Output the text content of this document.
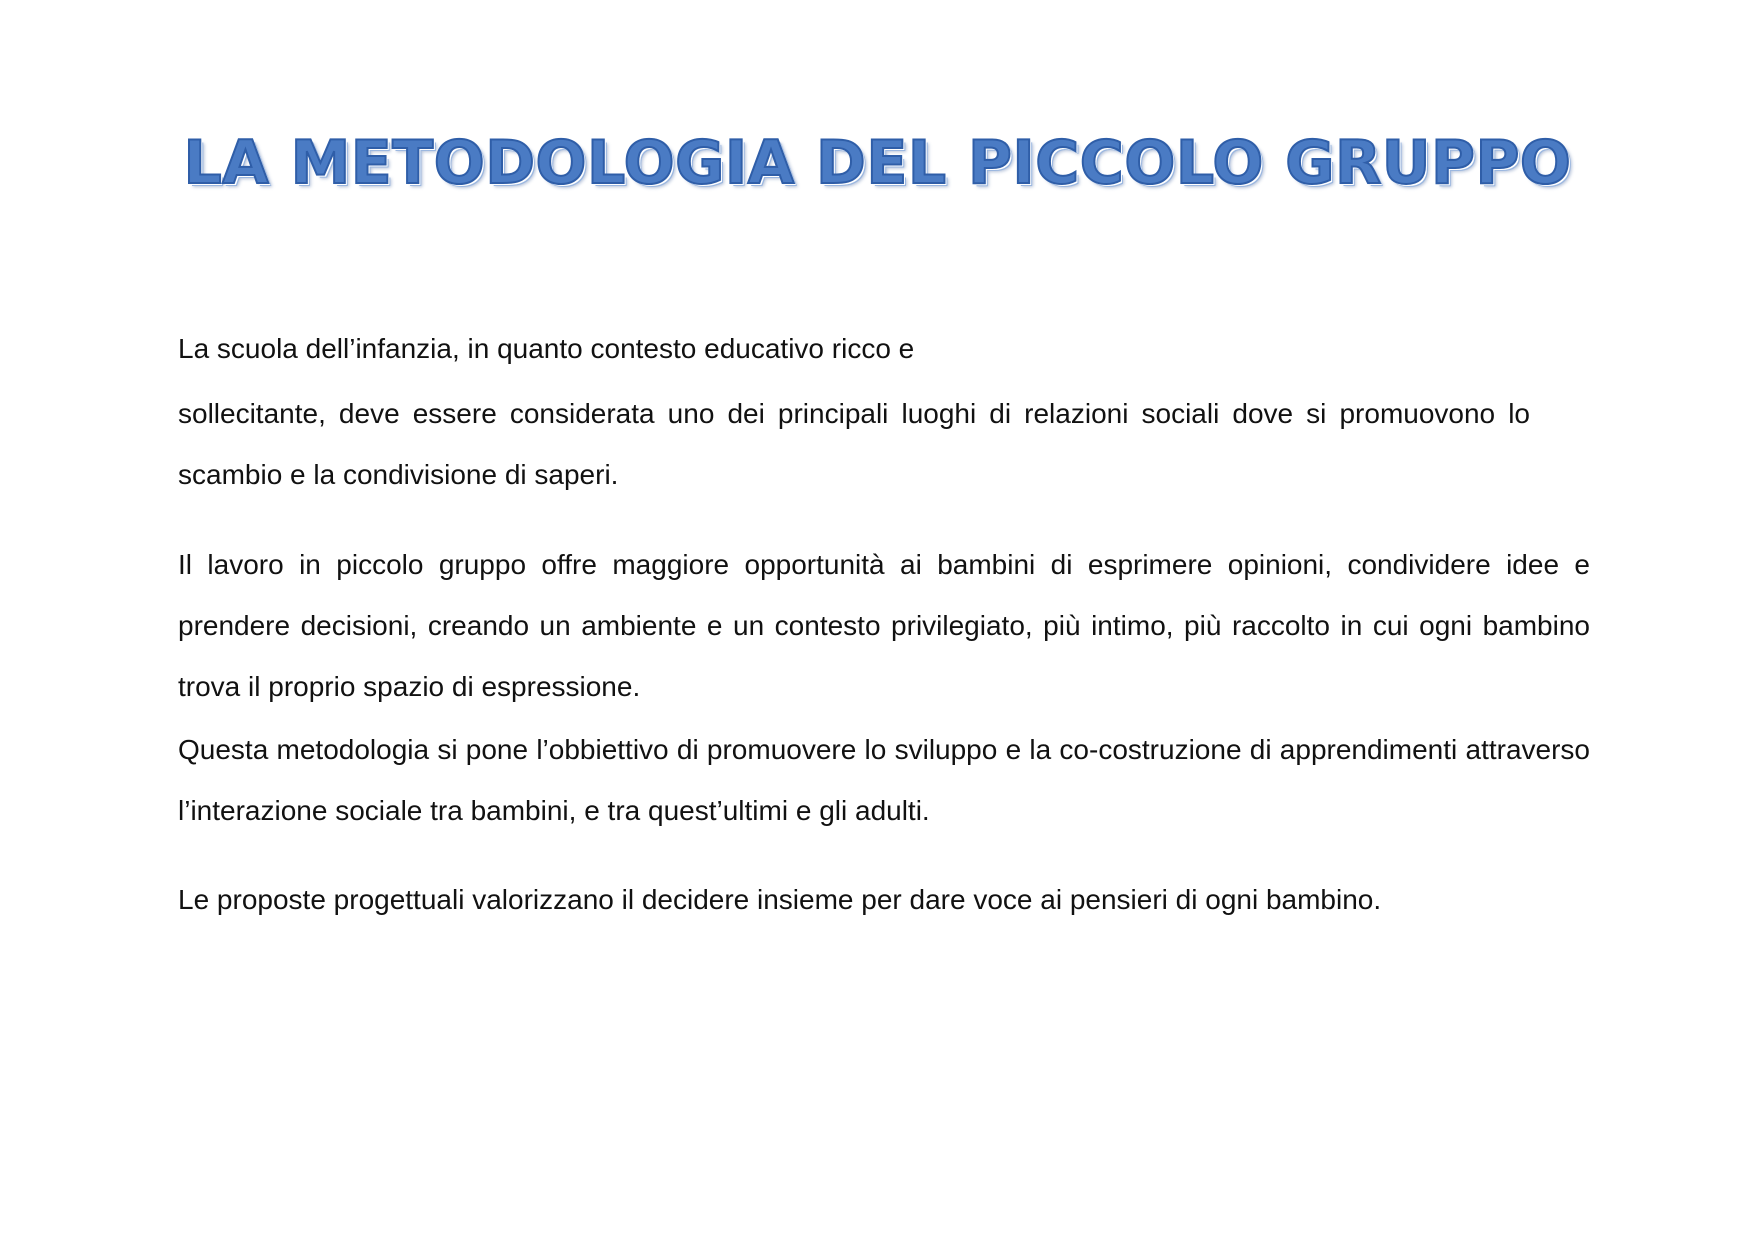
LA METODOLOGIA DEL PICCOLO GRUPPO

La scuola dell’infanzia, in quanto contesto educativo ricco e

sollecitante, deve essere considerata uno dei principali luoghi di relazioni sociali dove si promuovono lo scambio e la condivisione di saperi.

Il lavoro in piccolo gruppo offre maggiore opportunità ai bambini di esprimere opinioni, condividere idee e prendere decisioni, creando un ambiente e un contesto privilegiato, più intimo, più raccolto in cui ogni bambino trova il proprio spazio di espressione.

Questa metodologia si pone l’obbiettivo di promuovere lo sviluppo e la co-costruzione di apprendimenti attraverso l’interazione sociale tra bambini, e tra quest’ultimi e gli adulti.

Le proposte progettuali valorizzano il decidere insieme per dare voce ai pensieri di ogni bambino.
